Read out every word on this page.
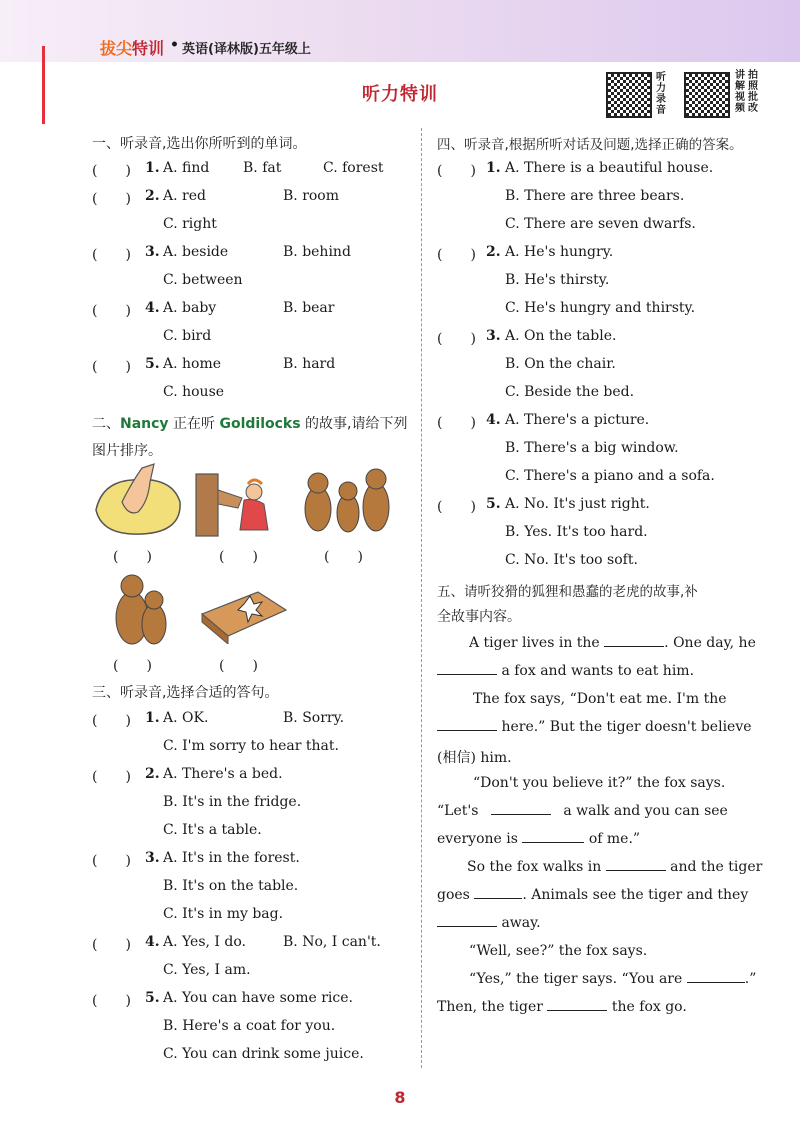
拔尖特训 • 英语(译林版)五年级上
听力特训
听力录音
讲解视频
拍照批改
一、听录音,选出你所听到的单词。
(　　) 1. A. find B. fat	C. forest
(　　) 2. A. red	B. room
C. right
(　　) 3. A. beside	B. behind
C. between
(　　) 4. A. baby	B. bear
C. bird
(　　) 5. A. home	B. hard
C. house
二、Nancy 正在听 Goldilocks 的故事,请给下列
图片排序。
(　　)	(　　)	(　　)
(　　)	(　　)
三、听录音,选择合适的答句。
(　　) 1. A. OK.	B. Sorry.
C. I'm sorry to hear that.
(　　) 2. A. There's a bed.
B. It's in the fridge.
C. It's a table.
(　　) 3. A. It's in the forest.
B. It's on the table.
C. It's in my bag.
(　　) 4. A. Yes, I do.	B. No, I can't.
C. Yes, I am.
(　　) 5. A. You can have some rice.
B. Here's a coat for you.
C. You can drink some juice.
四、听录音,根据所听对话及问题,选择正确的答案。
(　　) 1. A. There is a beautiful house.
B. There are three bears.
C. There are seven dwarfs.
(　　) 2. A. He's hungry.
B. He's thirsty.
C. He's hungry and thirsty.
(　　) 3. A. On the table.
B. On the chair.
C. Beside the bed.
(　　) 4. A. There's a picture.
B. There's a big window.
C. There's a piano and a sofa.
(　　) 5. A. No. It's just right.
B. Yes. It's too hard.
C. No. It's too soft.
五、请听狡猾的狐狸和愚蠢的老虎的故事,补
全故事内容。
A tiger lives in the	. One day, he
a fox and wants to eat him.
The fox says, “Don't eat me. I'm the
here.” But the tiger doesn't believe
(相信) him.
“Don't you believe it?” the fox says.
“Let's	a walk and you can see
everyone is	of me.”
So the fox walks in	and the tiger
goes	. Animals see the tiger and they
away.
“Well, see?” the fox says.
“Yes,” the tiger says. “You are	.”
Then, the tiger	the fox go.
8
